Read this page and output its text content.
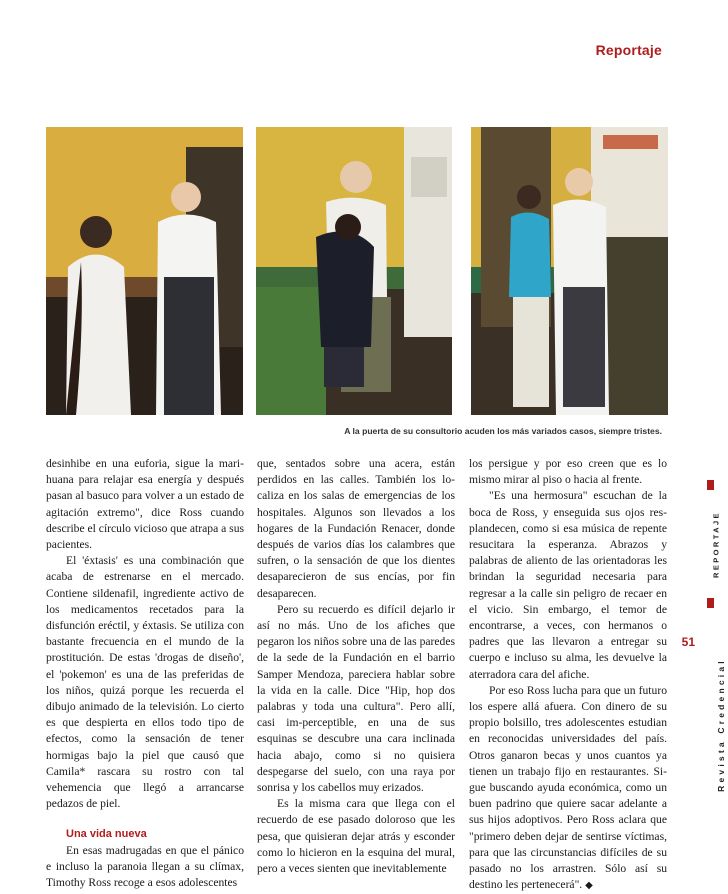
Reportaje
A la puerta de su consultorio acuden los más variados casos, siempre tristes.

desinhibe en una euforia, sigue la mari-huana para relajar esa energía y después pasan al basuco para volver a un estado de agitación extremo", dice Ross cuando describe el círculo vicioso que atrapa a sus pacientes.

El 'éxtasis' es una combinación que acaba de estrenarse en el mercado. Contiene sildenafil, ingrediente activo de los medicamentos recetados para la disfunción eréctil, y éxtasis. Se utiliza con bastante frecuencia en el mundo de la prostitución. De estas 'drogas de diseño', el 'pokemon' es una de las preferidas de los niños, quizá porque les recuerda el dibujo animado de la televisión. Lo cierto es que despierta en ellos todo tipo de efectos, como la sensación de tener hormigas bajo la piel que causó que Camila* rascara su rostro con tal vehemencia que llegó a arrancarse pedazos de piel.

Una vida nueva

En esas madrugadas en que el pánico e incluso la paranoia llegan a su clímax, Timothy Ross recoge a esos adolescentes

que, sentados sobre una acera, están perdidos en las calles. También los lo-caliza en los salas de emergencias de los hospitales. Algunos son llevados a los hogares de la Fundación Renacer, donde después de varios días los calambres que sufren, o la sensación de que los dientes desaparecieron de sus encías, por fin desaparecen.

Pero su recuerdo es difícil dejarlo ir así no más. Uno de los afiches que pegaron los niños sobre una de las paredes de la sede de la Fundación en el barrio Samper Mendoza, pareciera hablar sobre la vida en la calle. Dice "Hip, hop dos palabras y toda una cultura". Pero allí, casi im-perceptible, en una de sus esquinas se descubre una cara inclinada hacia abajo, como si no quisiera despegarse del suelo, con una raya por sonrisa y los cabellos muy erizados.

Es la misma cara que llega con el recuerdo de ese pasado doloroso que les pesa, que quisieran dejar atrás y esconder como lo hicieron en la esquina del mural, pero a veces sienten que inevitablemente

los persigue y por eso creen que es lo mismo mirar al piso o hacia al frente.

"Es una hermosura" escuchan de la boca de Ross, y enseguida sus ojos res-plandecen, como si esa música de repente resucitara la esperanza. Abrazos y palabras de aliento de las orientadoras les brindan la seguridad necesaria para regresar a la calle sin peligro de recaer en el vicio. Sin embargo, el temor de encontrarse, a veces, con hermanos o padres que las llevaron a entregar su cuerpo e incluso su alma, les devuelve la aterradora cara del afiche.

Por eso Ross lucha para que un futuro los espere allá afuera. Con dinero de su propio bolsillo, tres adolescentes estudian en reconocidas universidades del país. Otros ganaron becas y unos cuantos ya tienen un trabajo fijo en restaurantes. Si-gue buscando ayuda económica, como un buen padrino que quiere sacar adelante a sus hijos adoptivos. Pero Ross aclara que "primero deben dejar de sentirse víctimas, para que las circunstancias difíciles de su pasado no los arrastren. Sólo así su destino les pertenecerá". ◆

REPORTAJE
51
Revista Credencial
